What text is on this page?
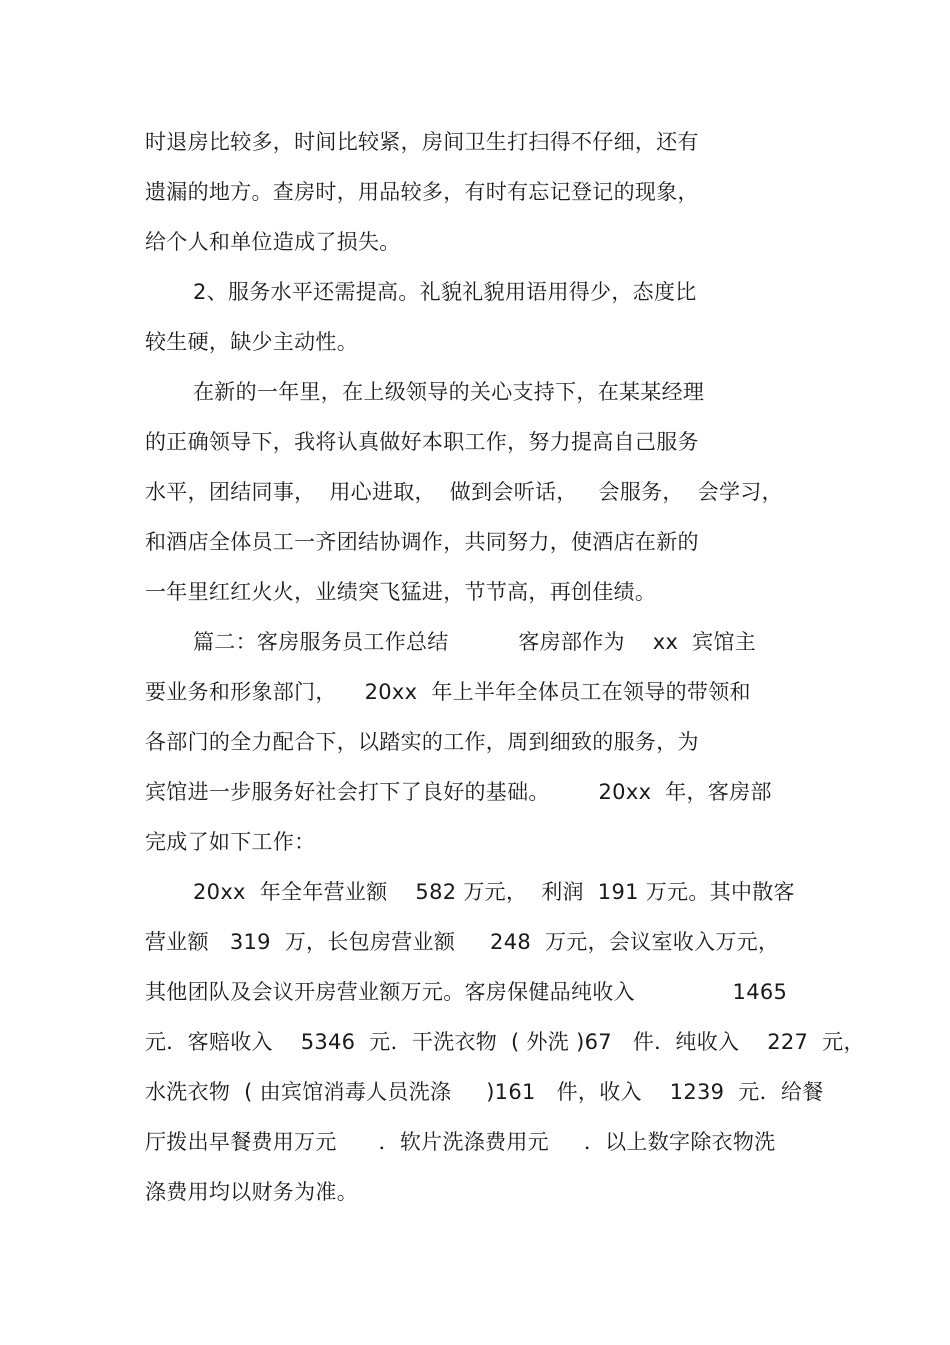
时退房比较多，时间比较紧，房间卫生打扫得不仔细，还有
遗漏的地方。查房时，用品较多，有时有忘记登记的现象，
给个人和单位造成了损失。
2、服务水平还需提高。礼貌礼貌用语用得少，态度比
较生硬，缺少主动性。
在新的一年里，在上级领导的关心支持下，在某某经理
的正确领导下，我将认真做好本职工作，努力提高自己服务
水平，团结同事，  用心进取，  做到会听话，   会服务，  会学习，
和酒店全体员工一齐团结协调作，共同努力，使酒店在新的
一年里红红火火，业绩突飞猛进，节节高，再创佳绩。
篇二：客房服务员工作总结          客房部作为    xx  宾馆主
要业务和形象部门，    20xx  年上半年全体员工在领导的带领和
各部门的全力配合下，以踏实的工作，周到细致的服务，为
宾馆进一步服务好社会打下了良好的基础。       20xx  年，客房部
完成了如下工作：
20xx  年全年营业额    582 万元，  利润  191 万元。其中散客
营业额   319  万，长包房营业额     248  万元，会议室收入万元，
其他团队及会议开房营业额万元。客房保健品纯收入              1465
元．客赔收入    5346  元．干洗衣物  ( 外洗 )67   件．纯收入    227  元，
水洗衣物  ( 由宾馆消毒人员洗涤     )161   件，收入    1239  元．给餐
厅拨出早餐费用万元      ．软片洗涤费用元     ．以上数字除衣物洗
涤费用均以财务为准。
